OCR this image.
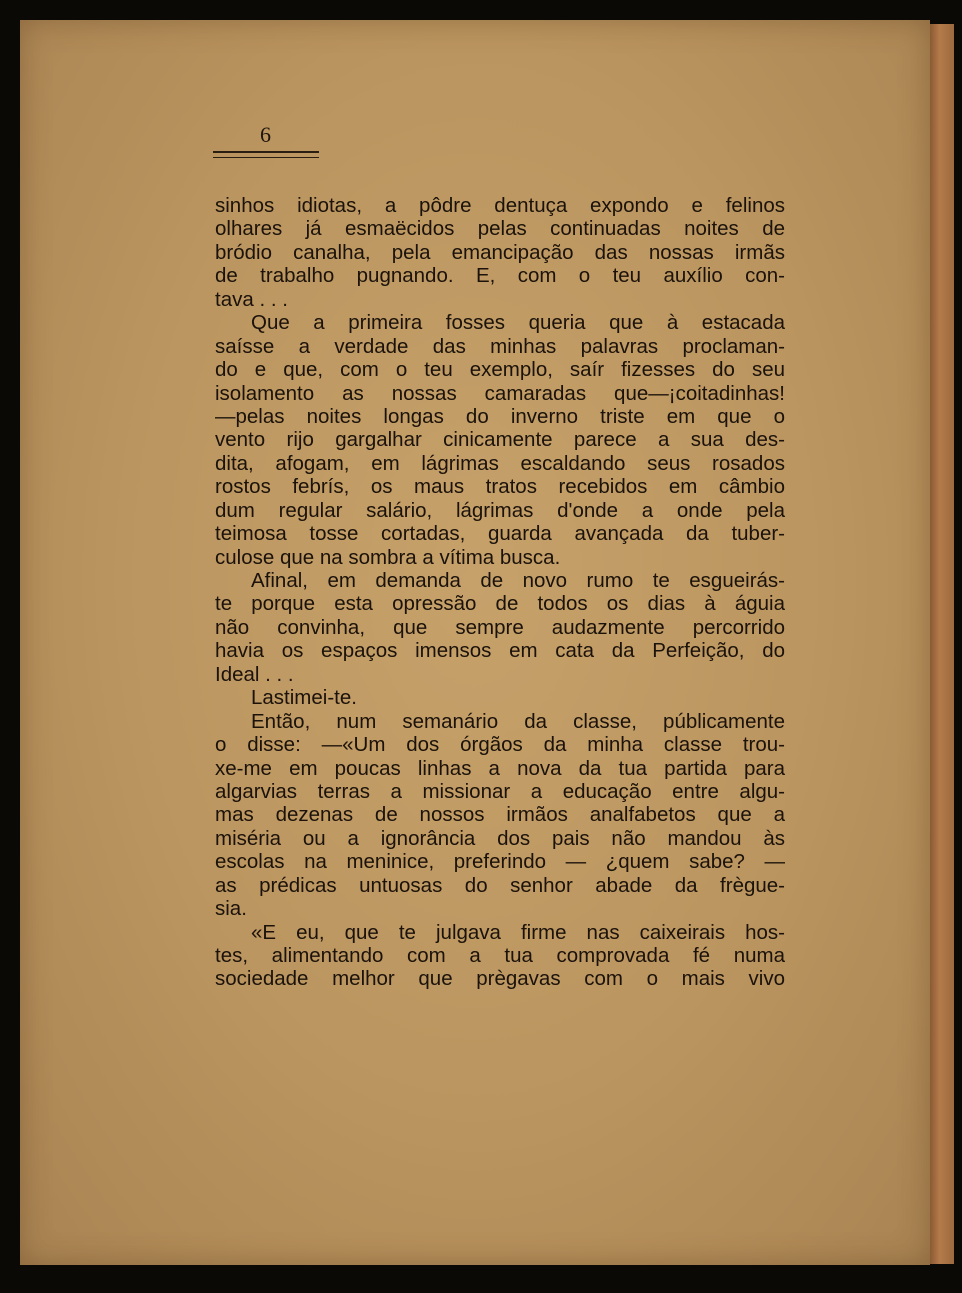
6
sinhos idiotas, a pôdre dentuça expondo e felinos
olhares já esmaëcidos pelas continuadas noites de
bródio canalha, pela emancipação das nossas irmãs
de trabalho pugnando. E, com o teu auxílio con-
tava . . .
Que a primeira fosses queria que à estacada
saísse a verdade das minhas palavras proclaman-
do e que, com o teu exemplo, saír fizesses do seu
isolamento as nossas camaradas que—¡coitadinhas!
—pelas noites longas do inverno triste em que o
vento rijo gargalhar cinicamente parece a sua des-
dita, afogam, em lágrimas escaldando seus rosados
rostos febrís, os maus tratos recebidos em câmbio
dum regular salário, lágrimas d'onde a onde pela
teimosa tosse cortadas, guarda avançada da tuber-
culose que na sombra a vítima busca.
Afinal, em demanda de novo rumo te esgueirás-
te porque esta opressão de todos os dias à águia
não convinha, que sempre audazmente percorrido
havia os espaços imensos em cata da Perfeição, do
Ideal . . .
Lastimei-te.
Então, num semanário da classe, públicamente
o disse: —«Um dos órgãos da minha classe trou-
xe-me em poucas linhas a nova da tua partida para
algarvias terras a missionar a educação entre algu-
mas dezenas de nossos irmãos analfabetos que a
miséria ou a ignorância dos pais não mandou às
escolas na meninice, preferindo — ¿quem sabe? —
as prédicas untuosas do senhor abade da frègue-
sia.
«E eu, que te julgava firme nas caixeirais hos-
tes, alimentando com a tua comprovada fé numa
sociedade melhor que prègavas com o mais vivo
